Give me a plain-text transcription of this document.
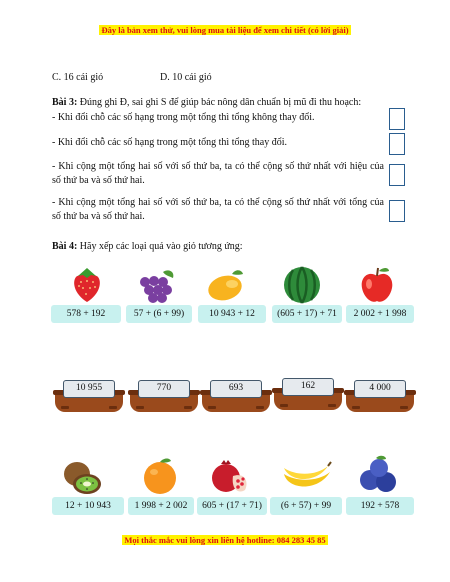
Đây là bản xem thử, vui lòng mua tài liệu để xem chi tiết (có lời giải)
C. 16 cái gió	D. 10 cái gió
Bài 3: Đúng ghi Đ, sai ghi S để giúp bác nông dân chuẩn bị mũ đi thu hoạch:
- Khi đổi chỗ các số hạng trong một tổng thì tổng không thay đổi.
- Khi đổi chỗ các số hạng trong một tổng thì tổng thay đổi.
- Khi cộng một tổng hai số với số thứ ba, ta có thể cộng số thứ nhất với hiệu của số thứ ba và số thứ hai.
- Khi cộng một tổng hai số với số thứ ba, ta có thể cộng số thứ nhất với tổng của số thứ ba và số thứ hai.
Bài 4: Hãy xếp các loại quả vào giỏ tương ứng:
578 + 192	57 + (6 + 99)	10 943 + 12	(605 + 17) + 71	2 002 + 1 998
10 955	770	693	162	4 000
12 + 10 943	1 998 + 2 002	605 + (17 + 71)	(6 + 57) + 99	192 + 578
Mọi thắc mắc vui lòng xin liên hệ hotline: 084 283 45 85
